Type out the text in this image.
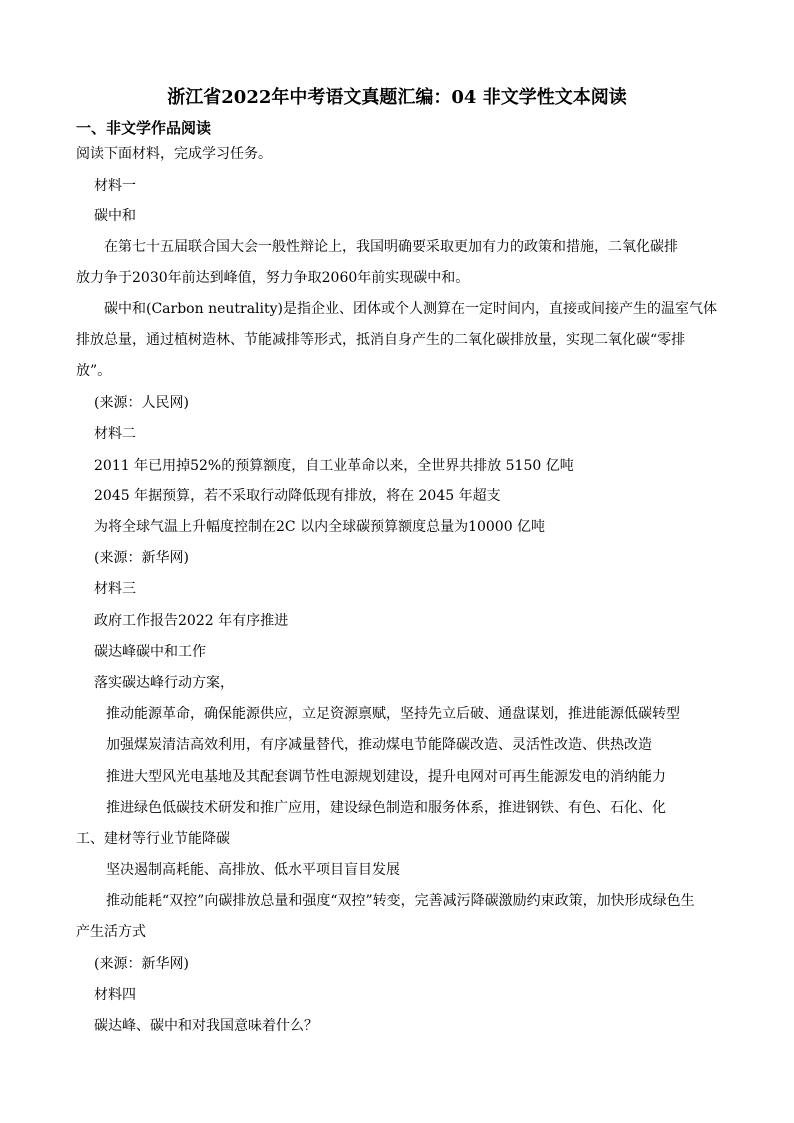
浙江省2022年中考语文真题汇编：04 非文学性文本阅读
一、非文学作品阅读
阅读下面材料，完成学习任务。
材料一
碳中和
在第七十五届联合国大会一般性辩论上，我国明确要采取更加有力的政策和措施，二氧化碳排
放力争于2030年前达到峰值，努力争取2060年前实现碳中和。
碳中和(Carbon neutrality)是指企业、团体或个人测算在一定时间内，直接或间接产生的温室气体
排放总量，通过植树造林、节能减排等形式，抵消自身产生的二氧化碳排放量，实现二氧化碳“零排
放”。
(来源：人民网)
材料二
2011 年已用掉52%的预算额度，自工业革命以来，全世界共排放 5150 亿吨
2045 年据预算，若不采取行动降低现有排放，将在 2045 年超支
为将全球气温上升幅度控制在2C 以内全球碳预算额度总量为10000 亿吨
(来源：新华网)
材料三
政府工作报告2022 年有序推进
碳达峰碳中和工作
落实碳达峰行动方案，
推动能源革命，确保能源供应，立足资源禀赋，坚持先立后破、通盘谋划，推进能源低碳转型
加强煤炭清洁高效利用，有序减量替代，推动煤电节能降碳改造、灵活性改造、供热改造
推进大型风光电基地及其配套调节性电源规划建设，提升电网对可再生能源发电的消纳能力
推进绿色低碳技术研发和推广应用，建设绿色制造和服务体系，推进钢铁、有色、石化、化
工、建材等行业节能降碳
坚决遏制高耗能、高排放、低水平项目盲目发展
推动能耗“双控”向碳排放总量和强度“双控”转变，完善减污降碳激励约束政策，加快形成绿色生
产生活方式
(来源：新华网)
材料四
碳达峰、碳中和对我国意味着什么？
